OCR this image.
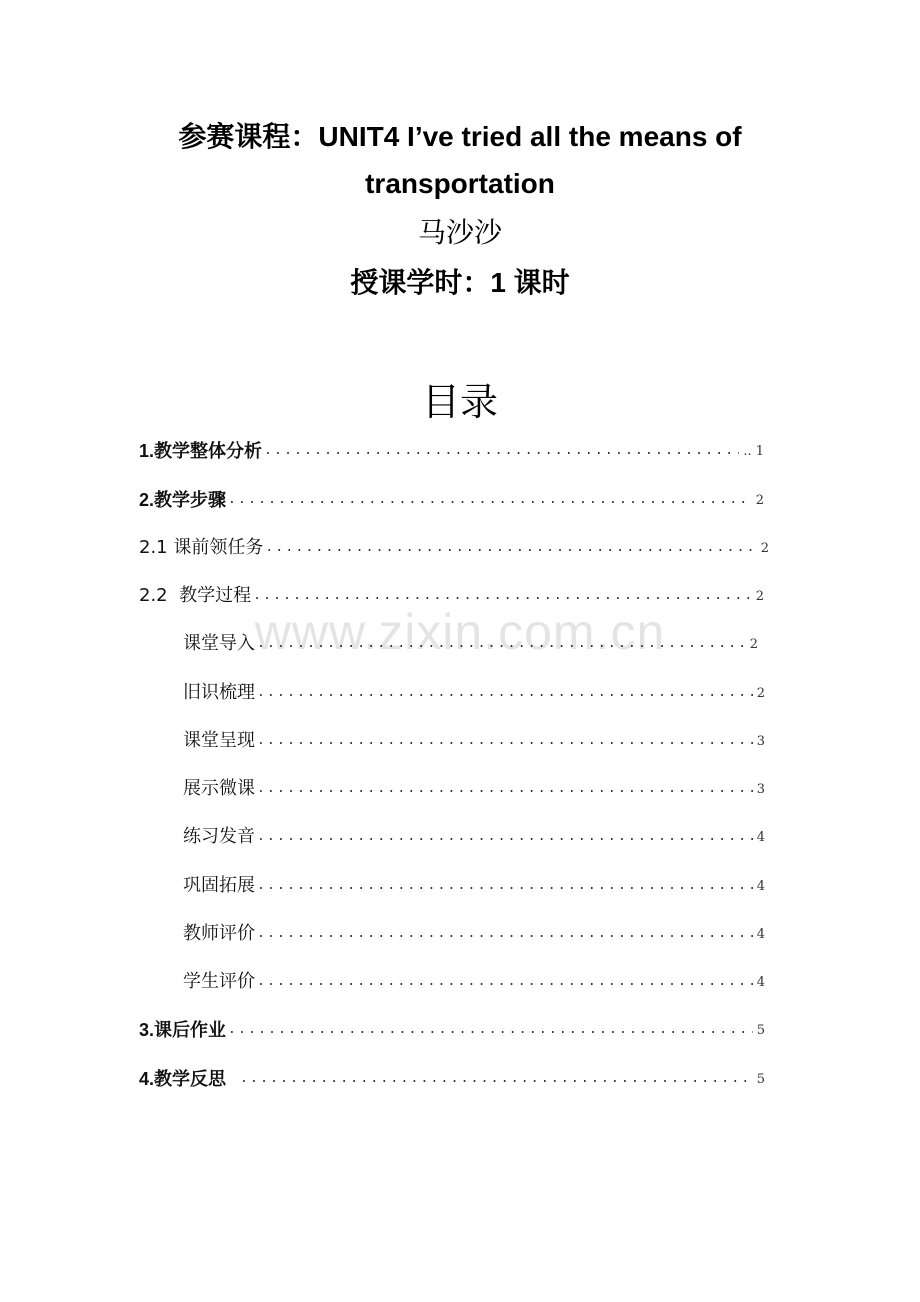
参赛课程：UNIT4 I’ve tried all the means of
transportation
马沙沙
授课学时：1 课时
目录
www.zixin.com.cn
1.教学整体分析 .....	.. 1
2.教学步骤 .....	2
2.1 课前领任务 .....	2
2.2  教学过程 .....	2
课堂导入 .....	2
旧识梳理 .....	2
课堂呈现 .....	3
展示微课 .....	3
练习发音 .....	4
巩固拓展 .....	4
教师评价 .....	4
学生评价 .....	4
3.课后作业 .....	5
4.教学反思 .....	5
